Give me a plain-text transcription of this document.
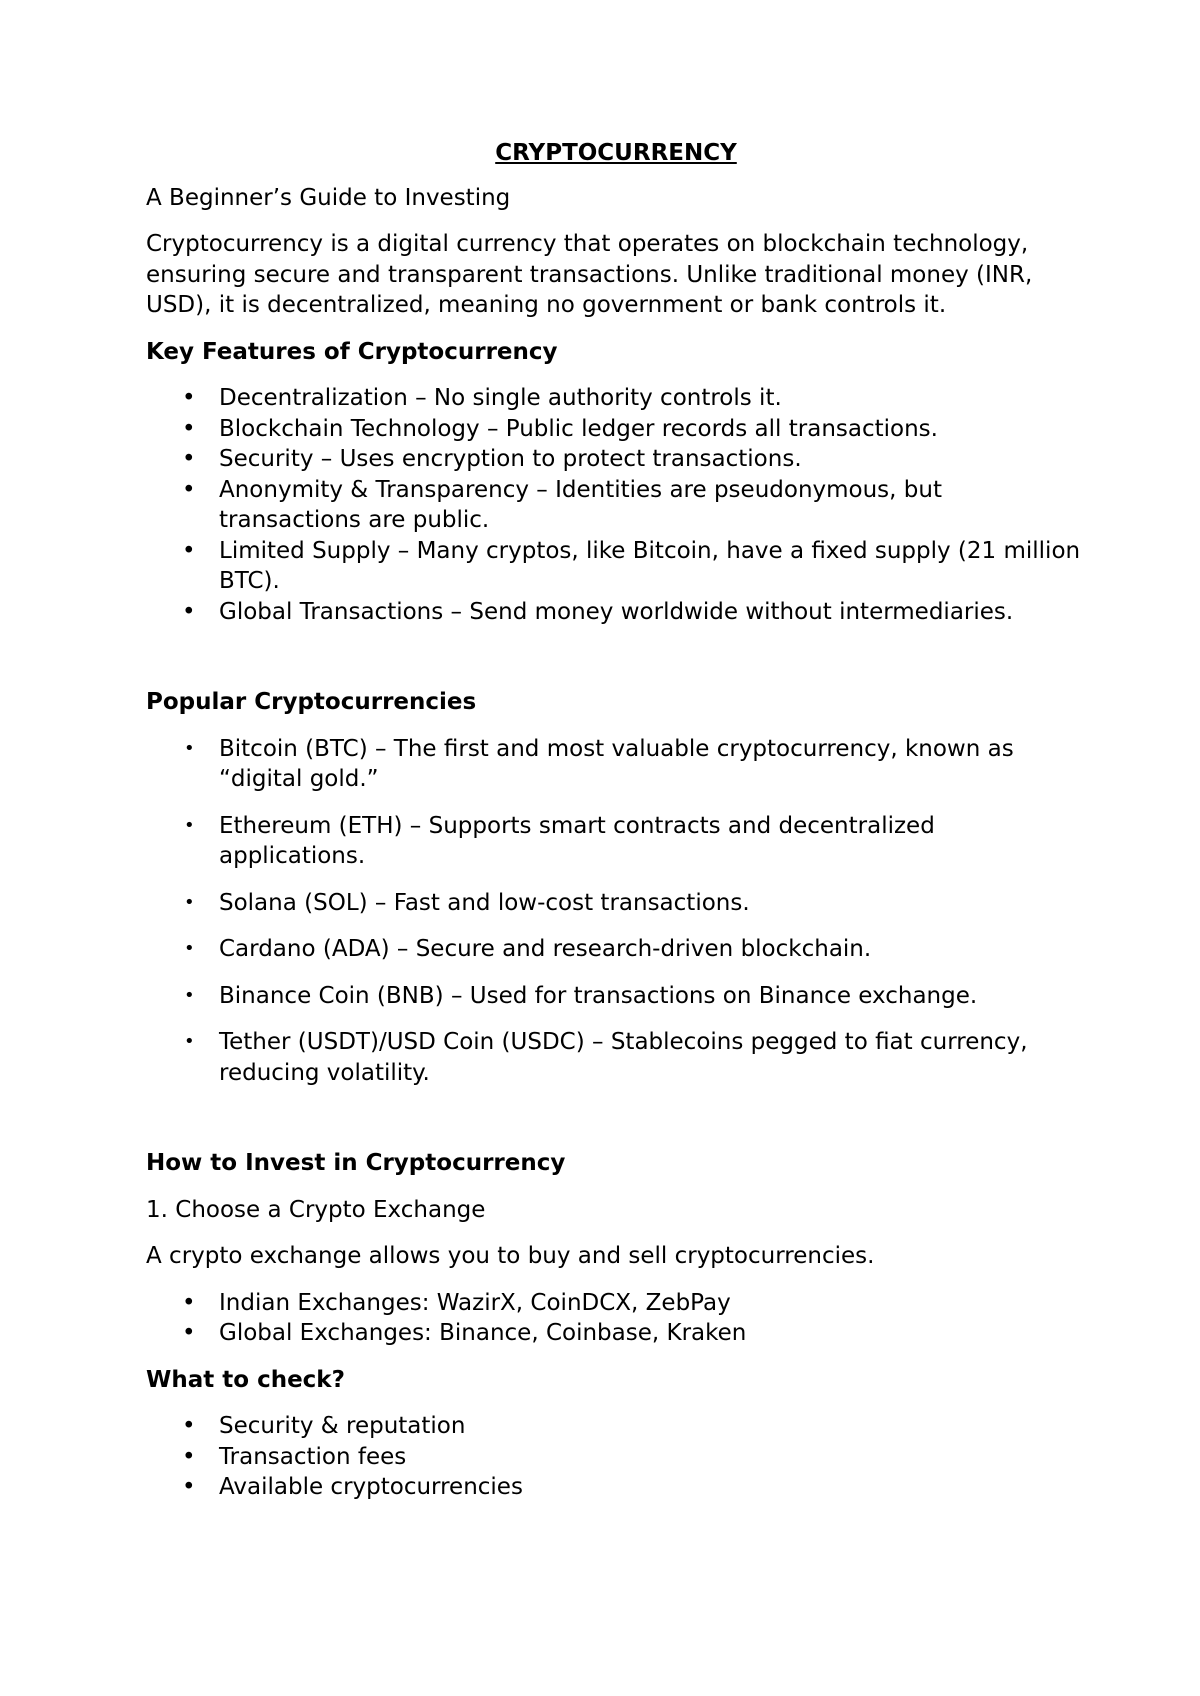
CRYPTOCURRENCY

A Beginner’s Guide to Investing

Cryptocurrency is a digital currency that operates on blockchain technology, ensuring secure and transparent transactions. Unlike traditional money (INR, USD), it is decentralized, meaning no government or bank controls it.

Key Features of Cryptocurrency
• Decentralization – No single authority controls it.
• Blockchain Technology – Public ledger records all transactions.
• Security – Uses encryption to protect transactions.
• Anonymity & Transparency – Identities are pseudonymous, but transactions are public.
• Limited Supply – Many cryptos, like Bitcoin, have a fixed supply (21 million BTC).
• Global Transactions – Send money worldwide without intermediaries.
Popular Cryptocurrencies
•	Bitcoin (BTC) – The first and most valuable cryptocurrency, known as “digital gold.”
•	Ethereum (ETH) – Supports smart contracts and decentralized applications.
•	Solana (SOL) – Fast and low-cost transactions.
•	Cardano (ADA) – Secure and research-driven blockchain.
•	Binance Coin (BNB) – Used for transactions on Binance exchange.
•	Tether (USDT)/USD Coin (USDC) – Stablecoins pegged to fiat currency, reducing volatility.
How to Invest in Cryptocurrency

1. Choose a Crypto Exchange

A crypto exchange allows you to buy and sell cryptocurrencies.

• Indian Exchanges: WazirX, CoinDCX, ZebPay
• Global Exchanges: Binance, Coinbase, Kraken
What to check?
• Security & reputation
• Transaction fees
• Available cryptocurrencies
